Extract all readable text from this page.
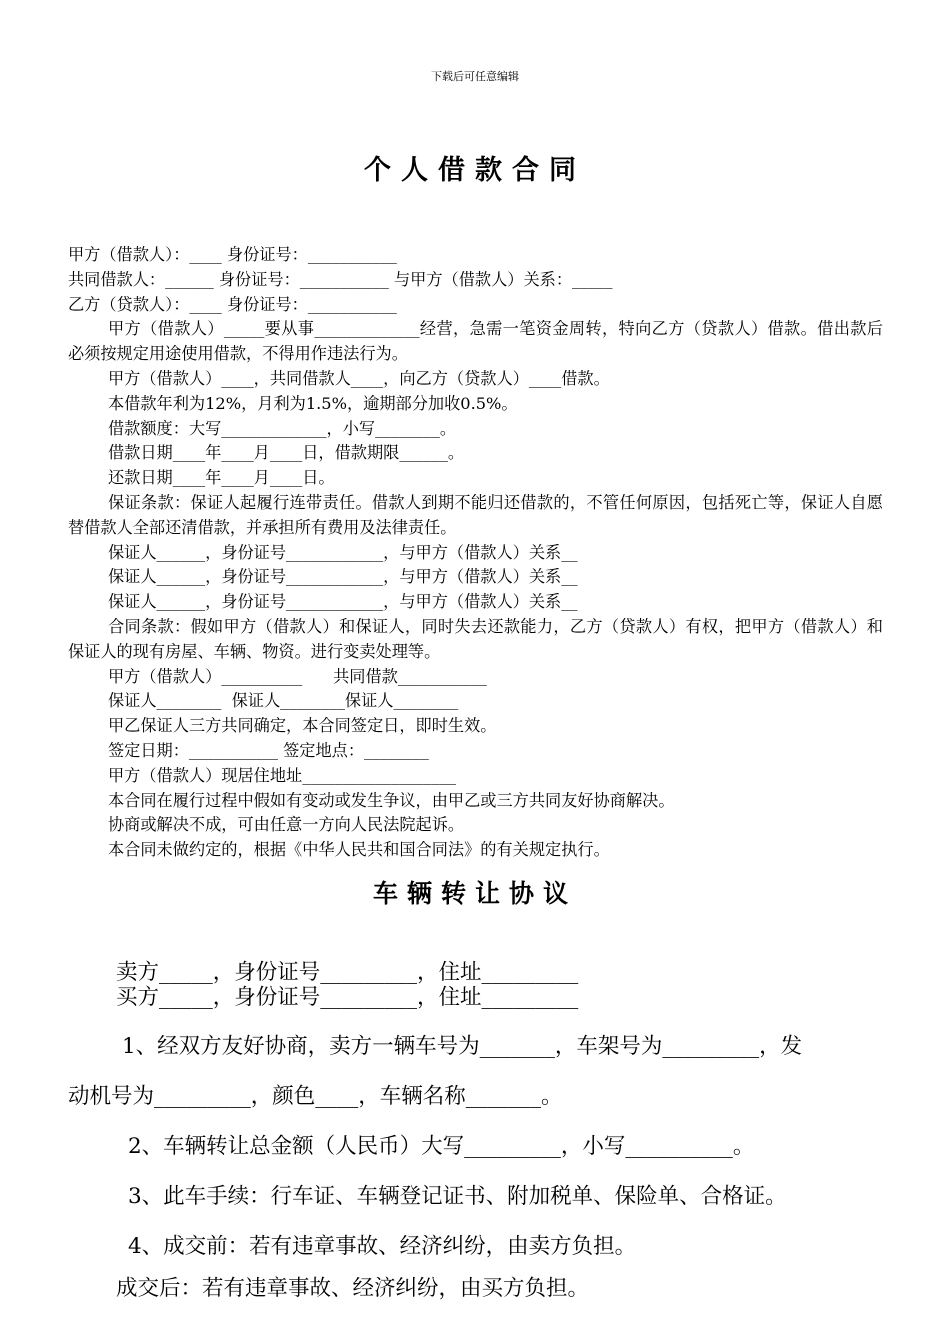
下载后可任意编辑
个人借款合同
甲方（借款人）：____ 身份证号：___________
共同借款人：______ 身份证号：___________ 与甲方（借款人）关系：_____
乙方（贷款人）：____ 身份证号：___________
甲方（借款人）_____要从事_____________经营，急需一笔资金周转，特向乙方（贷款人）借款。借出款后必须按规定用途使用借款，不得用作违法行为。
甲方（借款人）____，共同借款人____，向乙方（贷款人）____借款。
本借款年利为12%，月利为1.5%，逾期部分加收0.5%。
借款额度：大写_____________，小写________。
借款日期____年____月____日，借款期限______。
还款日期____年____月____日。
保证条款：保证人起履行连带责任。借款人到期不能归还借款的，不管任何原因，包括死亡等，保证人自愿替借款人全部还清借款，并承担所有费用及法律责任。
保证人______，身份证号____________，与甲方（借款人）关系__
保证人______，身份证号____________，与甲方（借款人）关系__
保证人______，身份证号____________，与甲方（借款人）关系__
合同条款：假如甲方（借款人）和保证人，同时失去还款能力，乙方（贷款人）有权，把甲方（借款人）和保证人的现有房屋、车辆、物资。进行变卖处理等。
甲方（借款人）__________      共同借款___________
保证人________  保证人________保证人________
甲乙保证人三方共同确定，本合同签定日，即时生效。
签定日期：___________ 签定地点：________
甲方（借款人）现居住地址___________________
本合同在履行过程中假如有变动或发生争议，由甲乙或三方共同友好协商解决。
协商或解决不成，可由任意一方向人民法院起诉。
本合同未做约定的，根据《中华人民共和国合同法》的有关规定执行。
车辆转让协议
卖方_____，身份证号_________，住址_________
买方_____，身份证号_________，住址_________
1、经双方友好协商，卖方一辆车号为_______，车架号为_________，发
动机号为_________，颜色____，车辆名称_______。
2、车辆转让总金额（人民币）大写_________，小写__________。
3、此车手续：行车证、车辆登记证书、附加税单、保险单、合格证。
4、成交前：若有违章事故、经济纠纷，由卖方负担。
成交后：若有违章事故、经济纠纷，由买方负担。
